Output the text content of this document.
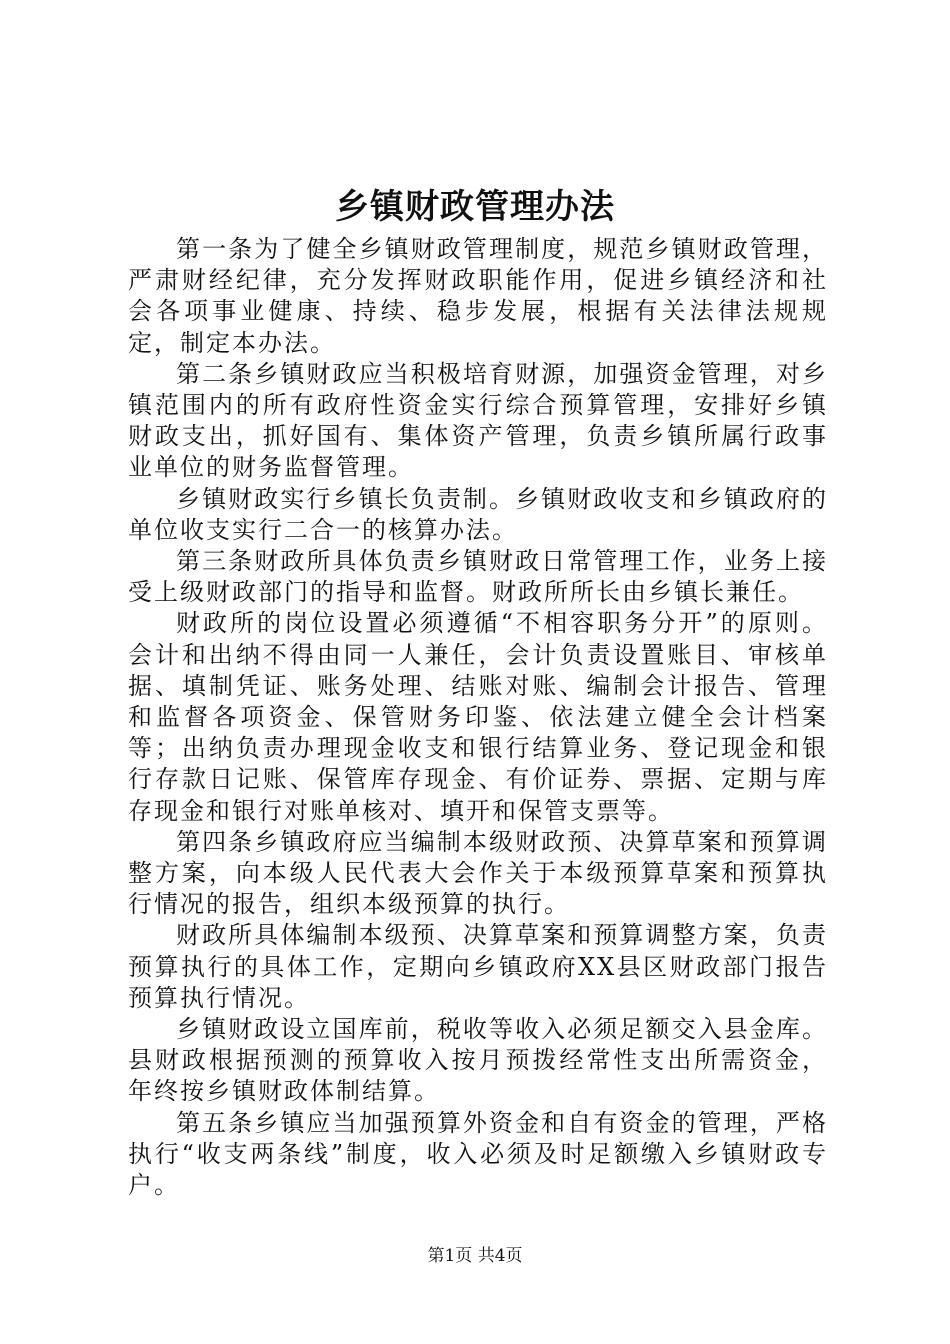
乡镇财政管理办法

第一条为了健全乡镇财政管理制度，规范乡镇财政管理，严肃财经纪律，充分发挥财政职能作用，促进乡镇经济和社会各项事业健康、持续、稳步发展，根据有关法律法规规定，制定本办法。

第二条乡镇财政应当积极培育财源，加强资金管理，对乡镇范围内的所有政府性资金实行综合预算管理，安排好乡镇财政支出，抓好国有、集体资产管理，负责乡镇所属行政事业单位的财务监督管理。

乡镇财政实行乡镇长负责制。乡镇财政收支和乡镇政府的单位收支实行二合一的核算办法。

第三条财政所具体负责乡镇财政日常管理工作，业务上接受上级财政部门的指导和监督。财政所所长由乡镇长兼任。

财政所的岗位设置必须遵循“不相容职务分开”的原则。会计和出纳不得由同一人兼任，会计负责设置账目、审核单据、填制凭证、账务处理、结账对账、编制会计报告、管理和监督各项资金、保管财务印鉴、依法建立健全会计档案等；出纳负责办理现金收支和银行结算业务、登记现金和银行存款日记账、保管库存现金、有价证券、票据、定期与库存现金和银行对账单核对、填开和保管支票等。

第四条乡镇政府应当编制本级财政预、决算草案和预算调整方案，向本级人民代表大会作关于本级预算草案和预算执行情况的报告，组织本级预算的执行。

财政所具体编制本级预、决算草案和预算调整方案，负责预算执行的具体工作，定期向乡镇政府XX县区财政部门报告预算执行情况。

乡镇财政设立国库前，税收等收入必须足额交入县金库。县财政根据预测的预算收入按月预拨经常性支出所需资金，年终按乡镇财政体制结算。

第五条乡镇应当加强预算外资金和自有资金的管理，严格执行“收支两条线”制度，收入必须及时足额缴入乡镇财政专户。

第1页 共4页
